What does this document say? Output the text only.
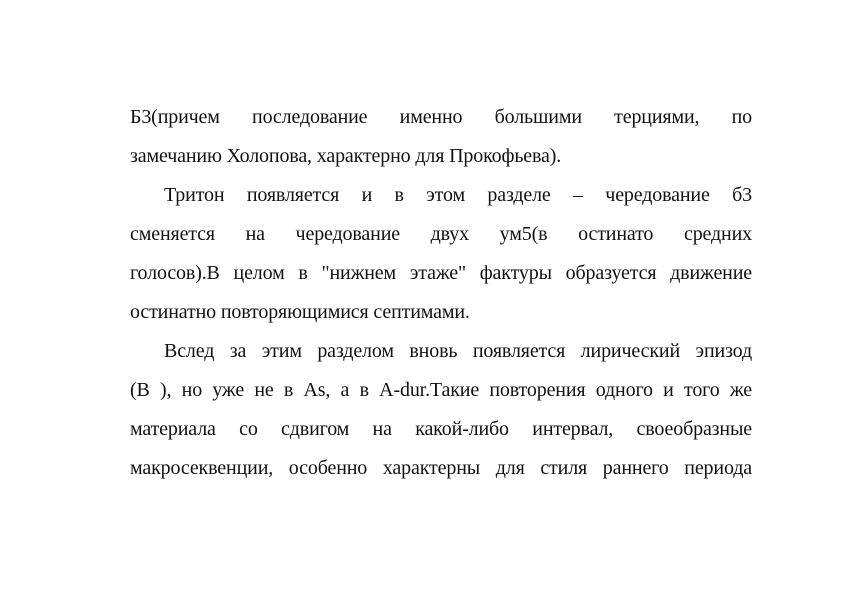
Б3(причем последование именно большими терциями, по
замечанию Холопова, характерно для Прокофьева).
Тритон появляется и в этом разделе – чередование б3
сменяется на чередование двух ум5(в остинато средних
голосов).В целом в "нижнем этаже" фактуры образуется движение
остинатно повторяющимися септимами.
Вслед за этим разделом вновь появляется лирический эпизод
(В ), но уже не в As, а в A-dur.Такие повторения одного и того же
материала со сдвигом на какой-либо интервал, своеобразные
макросеквенции, особенно характерны для стиля раннего периода
